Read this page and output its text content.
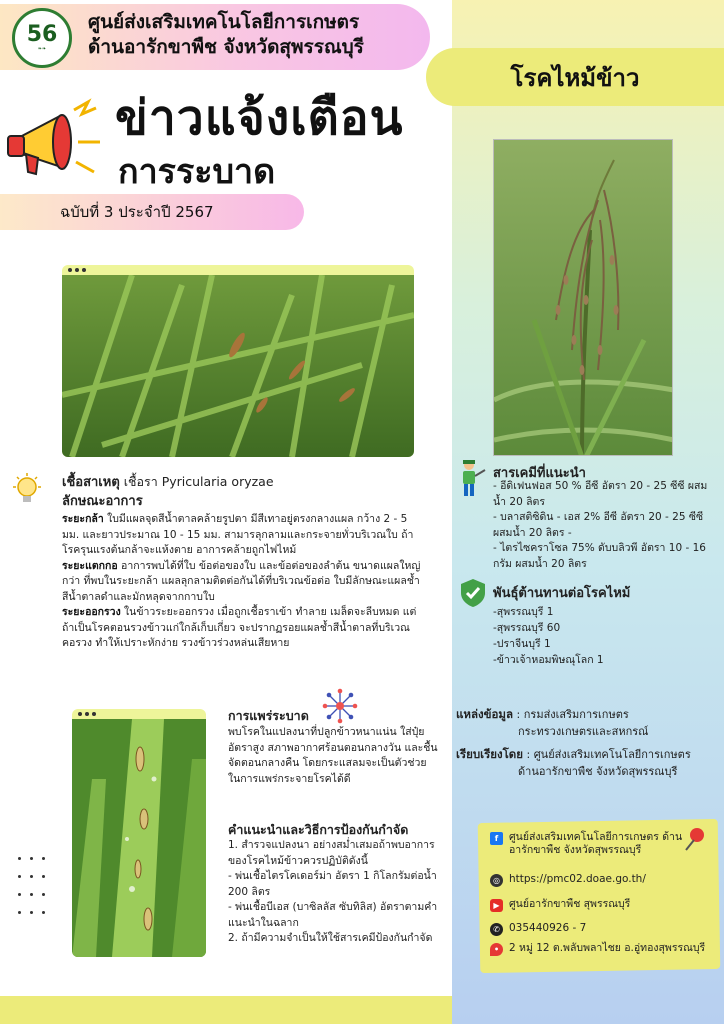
56
❧❧
ศูนย์ส่งเสริมเทคโนโลยีการเกษตร
ด้านอารักขาพืช จังหวัดสุพรรณบุรี
โรคไหม้ข้าว
ข่าวแจ้งเตือน
การระบาด
ฉบับที่ 3 ประจำปี 2567
เชื้อสาเหตุ เชื้อรา Pyricularia oryzae
ลักษณะอาการ
ระยะกล้า ใบมีแผลจุดสีน้ำตาลคล้ายรูปตา มีสีเทาอยู่ตรงกลางแผล กว้าง 2 - 5 มม. และยาวประมาณ 10 - 15 มม. สามารลุกลามและกระจายทั่วบริเวณใบ ถ้าโรครุนแรงต้นกล้าจะแห้งตาย อาการคล้ายถูกไฟไหม้
ระยะแตกกอ อาการพบได้ที่ใบ ข้อต่อของใบ และข้อต่อของลำต้น ขนาดแผลใหญ่กว่า ที่พบในระยะกล้า แผลลุกลามติดต่อกันได้ที่บริเวณข้อต่อ ใบมีลักษณะแผลช้ำสีน้ำตาลดำและมักหลุดจากกาบใบ
ระยะออกรวง ในข้าวระยะออกรวง เมื่อถูกเชื้อราเข้า ทำลาย เมล็ดจะลีบหมด แต่ถ้าเป็นโรคตอนรวงข้าวแก่ใกล้เก็บเกี่ยว จะปรากฏรอยแผลช้ำสีน้ำตาลที่บริเวณคอรวง ทำให้เปราะหักง่าย รวงข้าวร่วงหล่นเสียหาย
การแพร่ระบาด
พบโรคในแปลงนาที่ปลูกข้าวหนาแน่น ใส่ปุ๋ยอัตราสูง สภาพอากาศร้อนตอนกลางวัน และชื้นจัดตอนกลางคืน โดยกระแสลมจะเป็นตัวช่วยในการแพร่กระจายโรคได้ดี
คำแนะนำและวิธีการป้องกันกำจัด
1. สำรวจแปลงนา อย่างสม่ำเสมอถ้าพบอาการของโรคไหม้ข้าวควรปฏิบัติดังนี้
- พ่นเชื้อไตรโคเดอร์ม่า อัตรา 1 กิโลกรัมต่อน้ำ 200 ลิตร
- พ่นเชื้อบีเอส (บาซิลลัส ซับทิลิส) อัตราตามคำแนะนำในฉลาก
2. ถ้ามีความจำเป็นให้ใช้สารเคมีป้องกันกำจัด
สารเคมีที่แนะนำ
- อีดิเฟนฟอส 50 % อีซี อัตรา 20 - 25 ซีซี ผสมน้ำ 20 ลิตร
- บลาสติซิดิน - เอส 2% อีซี อัตรา 20 - 25 ซีซี ผสมน้ำ 20 ลิตร -
- ไตรไซคราโซล 75% ดับบลิวพี อัตรา 10 - 16 กรัม ผสมน้ำ 20 ลิตร
พันธุ์ต้านทานต่อโรคไหม้
-สุพรรณบุรี 1
-สุพรรณบุรี 60
-ปราจีนบุรี 1
-ข้าวเจ้าหอมพิษณุโลก 1
แหล่งข้อมูล : กรมส่งเสริมการเกษตร
กระทรวงเกษตรและสหกรณ์
เรียบเรียงโดย : ศูนย์ส่งเสริมเทคโนโลยีการเกษตร
ด้านอารักขาพืช จังหวัดสุพรรณบุรี
f	ศูนย์ส่งเสริมเทคโนโลยีการเกษตร ด้านอารักขาพืช จังหวัดสุพรรณบุรี
◎ https://pmc02.doae.go.th/
▶ ศูนย์อารักขาพืช สุพรรณบุรี
✆ 035440926 - 7
• 2 หมู่ 12 ต.พลับพลาไชย อ.อู่ทองสุพรรณบุรี
